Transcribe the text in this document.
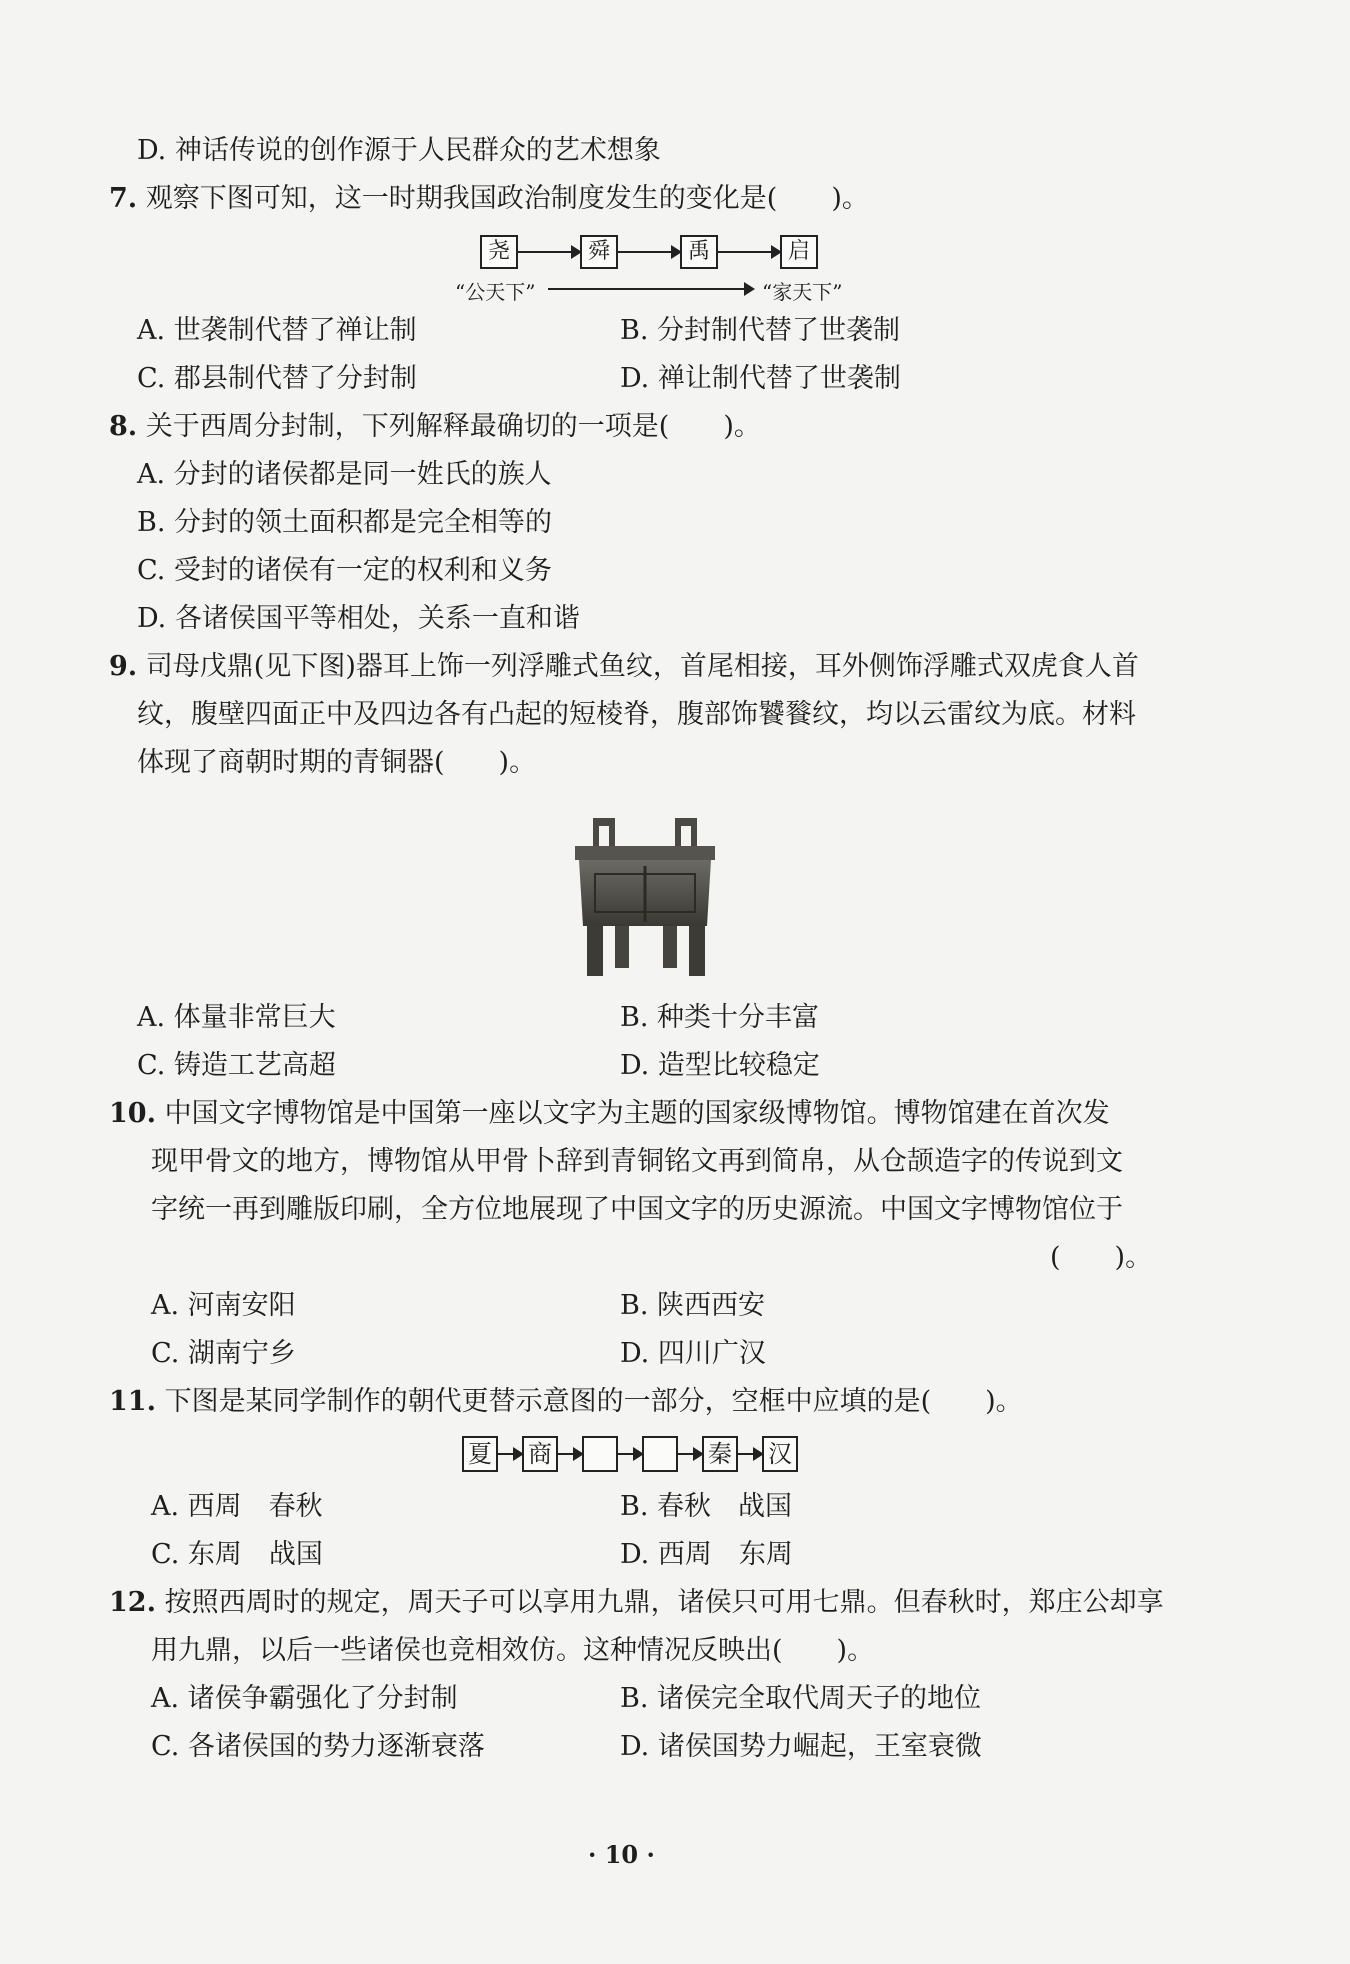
D. 神话传说的创作源于人民群众的艺术想象
7. 观察下图可知，这一时期我国政治制度发生的变化是(　　)。
尧	舜	禹	启
“公天下”	“家天下”
A. 世袭制代替了禅让制	B. 分封制代替了世袭制
C. 郡县制代替了分封制	D. 禅让制代替了世袭制
8. 关于西周分封制，下列解释最确切的一项是(　　)。
A. 分封的诸侯都是同一姓氏的族人
B. 分封的领土面积都是完全相等的
C. 受封的诸侯有一定的权利和义务
D. 各诸侯国平等相处，关系一直和谐
9. 司母戊鼎(见下图)器耳上饰一列浮雕式鱼纹，首尾相接，耳外侧饰浮雕式双虎食人首
纹，腹壁四面正中及四边各有凸起的短棱脊，腹部饰饕餮纹，均以云雷纹为底。材料
体现了商朝时期的青铜器(　　)。
A. 体量非常巨大	B. 种类十分丰富
C. 铸造工艺高超	D. 造型比较稳定
10. 中国文字博物馆是中国第一座以文字为主题的国家级博物馆。博物馆建在首次发
现甲骨文的地方，博物馆从甲骨卜辞到青铜铭文再到简帛，从仓颉造字的传说到文
字统一再到雕版印刷，全方位地展现了中国文字的历史源流。中国文字博物馆位于
(　　)。
A. 河南安阳	B. 陕西西安
C. 湖南宁乡	D. 四川广汉
11. 下图是某同学制作的朝代更替示意图的一部分，空框中应填的是(　　)。
夏 商	秦 汉
A. 西周　春秋	B. 春秋　战国
C. 东周　战国	D. 西周　东周
12. 按照西周时的规定，周天子可以享用九鼎，诸侯只可用七鼎。但春秋时，郑庄公却享
用九鼎，以后一些诸侯也竞相效仿。这种情况反映出(　　)。
A. 诸侯争霸强化了分封制	B. 诸侯完全取代周天子的地位
C. 各诸侯国的势力逐渐衰落	D. 诸侯国势力崛起，王室衰微
· 10 ·
